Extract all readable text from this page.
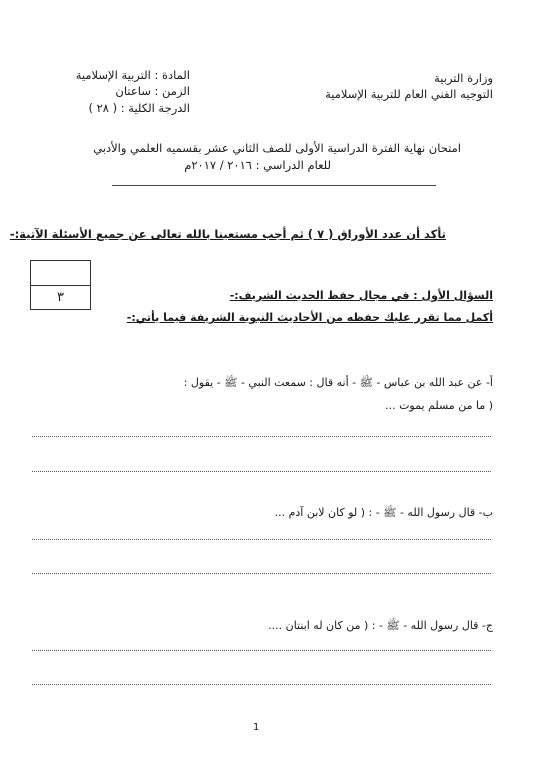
وزارة التربية

التوجيه الفني العام للتربية الإسلامية

المادة : التربية الإسلامية

الزمن : ساعتان

الدرجة الكلية : ( ٢٨ )

امتحان نهاية الفترة الدراسية الأولى للصف الثاني عشر بقسميه العلمي والأدبي

للعام الدراسي : ٢٠١٦ / ٢٠١٧م

تأكد أن عدد الأوراق ( ٧ ) ثم أجب مستعينا بالله تعالى عن جميع الأسئلة الآتية:-

٣	السؤال الأول : في مجال حفظ الحديث الشريف:-

أكمل مما تقرر عليك حفظه من الأحاديث النبوية الشريفة فيما يأتي:-

أ- عن عبد الله بن عباس - ﷺ - أنه قال : سمعت النبي - ﷺ - يقول :

( ما من مسلم يموت ...

ب- قال رسول الله - ﷺ - : ( لو كان لابن آدم ...

ج- قال رسول الله - ﷺ - : ( من كان له ابنتان ....

1
